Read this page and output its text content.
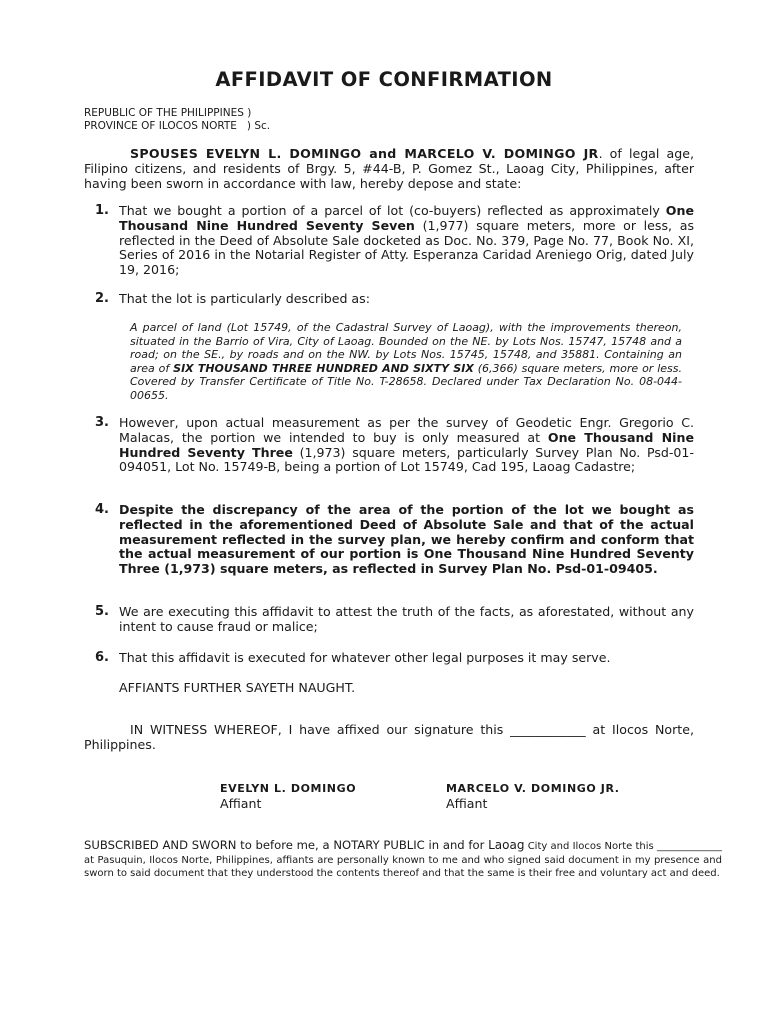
AFFIDAVIT OF CONFIRMATION
REPUBLIC OF THE PHILIPPINES )
PROVINCE OF ILOCOS NORTE   ) Sc.
SPOUSES EVELYN L. DOMINGO and MARCELO V. DOMINGO JR. of legal age, Filipino citizens, and residents of Brgy. 5, #44-B, P. Gomez St., Laoag City, Philippines, after having been sworn in accordance with law, hereby depose and state:
1. That we bought a portion of a parcel of lot (co-buyers) reflected as approximately One Thousand Nine Hundred Seventy Seven (1,977) square meters, more or less, as reflected in the Deed of Absolute Sale docketed as Doc. No. 379, Page No. 77, Book No. XI, Series of 2016 in the Notarial Register of Atty. Esperanza Caridad Areniego Orig, dated July 19, 2016;
2. That the lot is particularly described as:
A parcel of land (Lot 15749, of the Cadastral Survey of Laoag), with the improvements thereon, situated in the Barrio of Vira, City of Laoag. Bounded on the NE. by Lots Nos. 15747, 15748 and a road; on the SE., by roads and on the NW. by Lots Nos. 15745, 15748, and 35881. Containing an area of SIX THOUSAND THREE HUNDRED AND SIXTY SIX (6,366) square meters, more or less. Covered by Transfer Certificate of Title No. T-28658. Declared under Tax Declaration No. 08-044-00655.
3. However, upon actual measurement as per the survey of Geodetic Engr. Gregorio C. Malacas, the portion we intended to buy is only measured at One Thousand Nine Hundred Seventy Three (1,973) square meters, particularly Survey Plan No. Psd-01-094051, Lot No. 15749-B, being a portion of Lot 15749, Cad 195, Laoag Cadastre;
4. Despite the discrepancy of the area of the portion of the lot we bought as reflected in the aforementioned Deed of Absolute Sale and that of the actual measurement reflected in the survey plan, we hereby confirm and conform that the actual measurement of our portion is One Thousand Nine Hundred Seventy Three (1,973) square meters, as reflected in Survey Plan No. Psd-01-09405.
5. We are executing this affidavit to attest the truth of the facts, as aforestated, without any intent to cause fraud or malice;
6. That this affidavit is executed for whatever other legal purposes it may serve.
AFFIANTS FURTHER SAYETH NAUGHT.
IN WITNESS WHEREOF, I have affixed our signature this ____________ at Ilocos Norte, Philippines.
EVELYN L. DOMINGO
Affiant
MARCELO V. DOMINGO JR.
Affiant
SUBSCRIBED AND SWORN to before me, a NOTARY PUBLIC in and for Laoag City and Ilocos Norte this _____________ at Pasuquin, Ilocos Norte, Philippines, affiants are personally known to me and who signed said document in my presence and sworn to said document that they understood the contents thereof and that the same is their free and voluntary act and deed.
